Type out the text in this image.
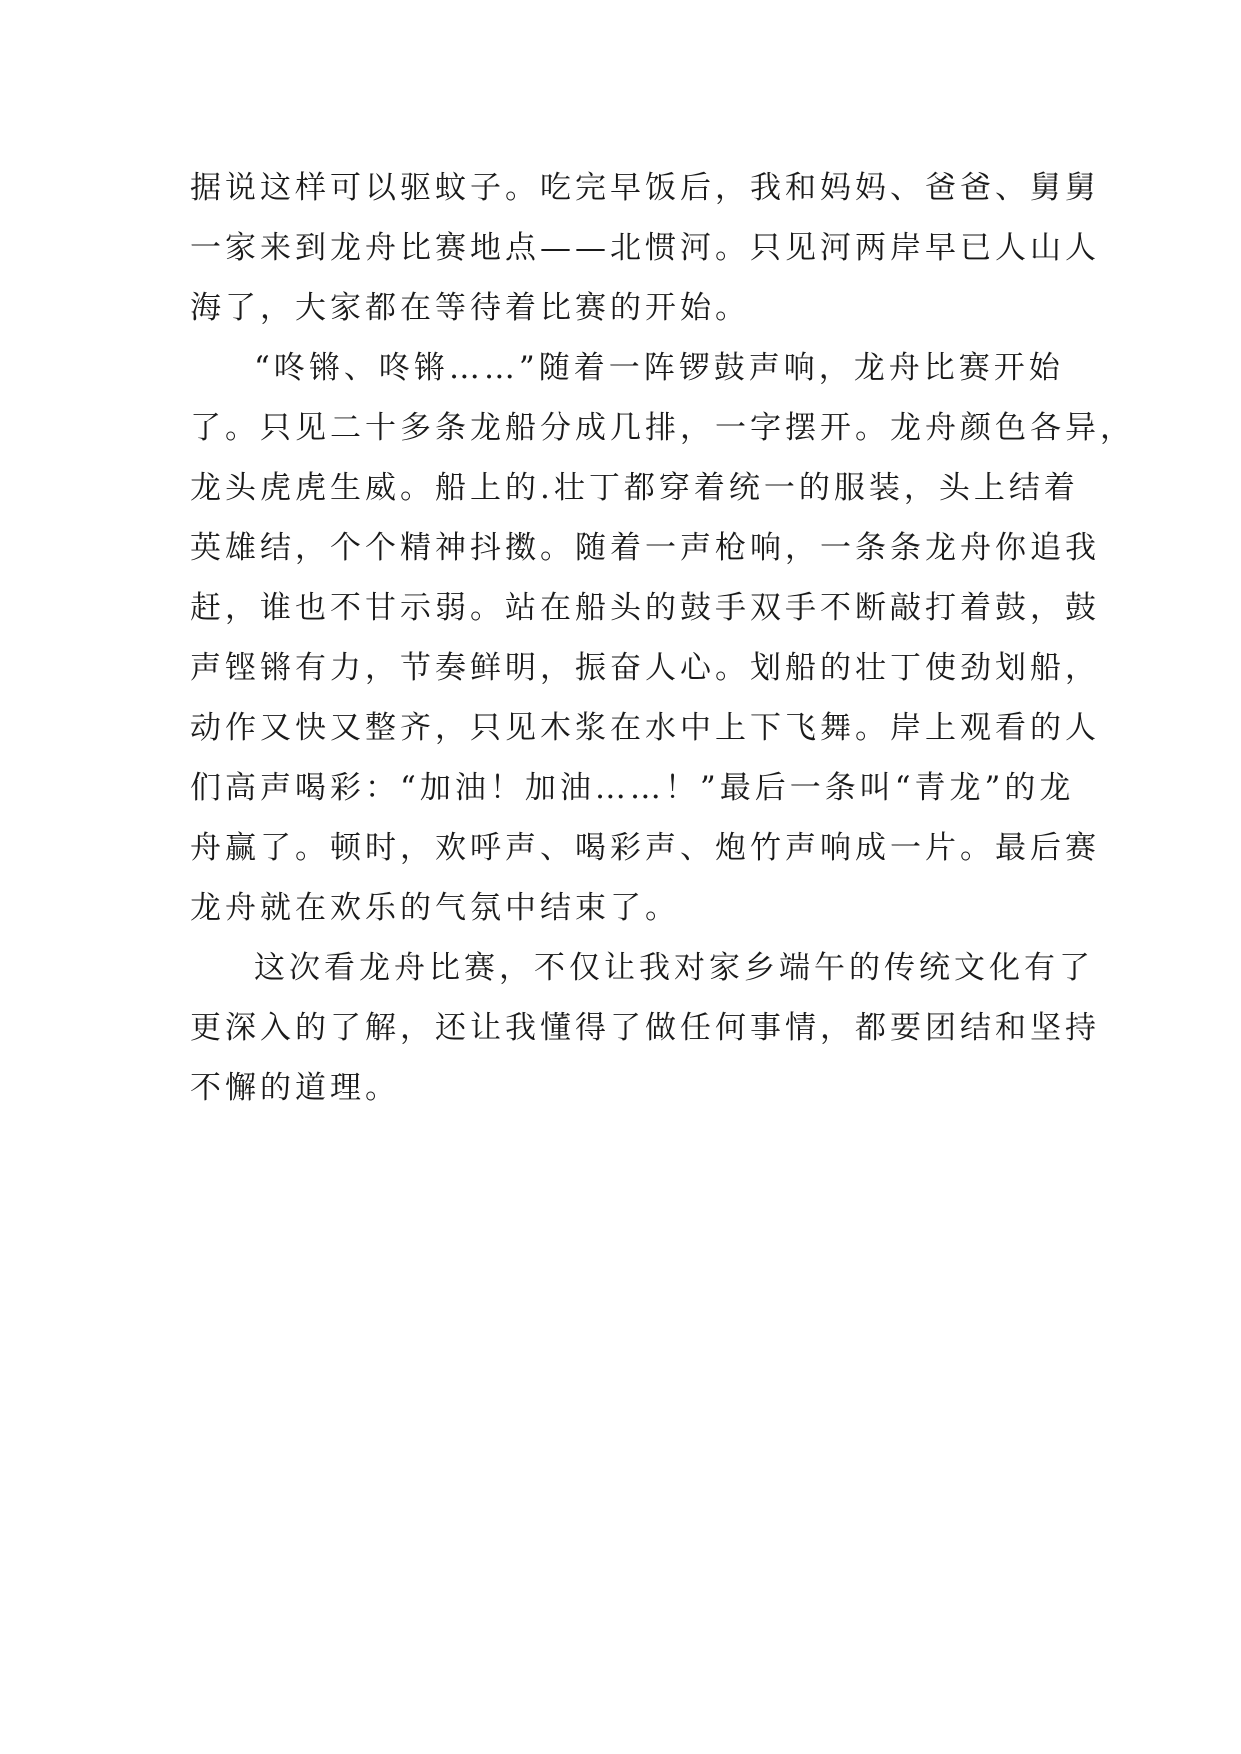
据说这样可以驱蚊子。吃完早饭后，我和妈妈、爸爸、舅舅
一家来到龙舟比赛地点——北惯河。只见河两岸早已人山人
海了，大家都在等待着比赛的开始。
“咚锵、咚锵……”随着一阵锣鼓声响，龙舟比赛开始
了。只见二十多条龙船分成几排，一字摆开。龙舟颜色各异，
龙头虎虎生威。船上的.壮丁都穿着统一的服装，头上结着
英雄结，个个精神抖擞。随着一声枪响，一条条龙舟你追我
赶，谁也不甘示弱。站在船头的鼓手双手不断敲打着鼓，鼓
声铿锵有力，节奏鲜明，振奋人心。划船的壮丁使劲划船，
动作又快又整齐，只见木浆在水中上下飞舞。岸上观看的人
们高声喝彩：“加油！加油……！”最后一条叫“青龙”的龙
舟赢了。顿时，欢呼声、喝彩声、炮竹声响成一片。最后赛
龙舟就在欢乐的气氛中结束了。
这次看龙舟比赛，不仅让我对家乡端午的传统文化有了
更深入的了解，还让我懂得了做任何事情，都要团结和坚持
不懈的道理。
